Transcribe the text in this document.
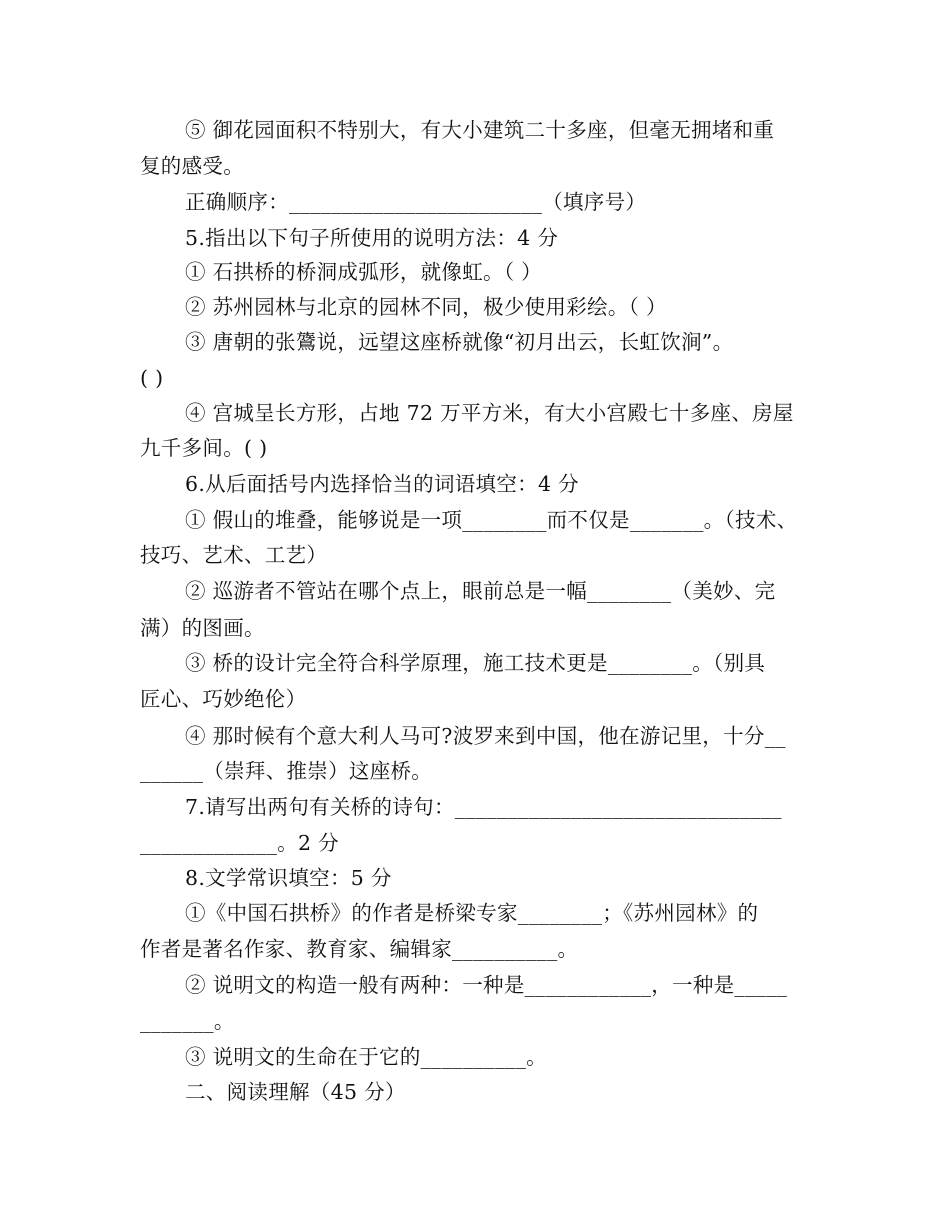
⑤ 御花园面积不特别大，有大小建筑二十多座，但毫无拥堵和重
复的感受。
正确顺序：________________________（填序号）
5.指出以下句子所使用的说明方法：4 分
① 石拱桥的桥洞成弧形，就像虹。（ ）
② 苏州园林与北京的园林不同，极少使用彩绘。（ ）
③ 唐朝的张鷟说，远望这座桥就像“初月出云，长虹饮涧”。
( )
④ 宫城呈长方形，占地 72 万平方米，有大小宫殿七十多座、房屋
九千多间。( )
6.从后面括号内选择恰当的词语填空：4 分
① 假山的堆叠，能够说是一项________而不仅是_______。（技术、
技巧、艺术、工艺）
② 巡游者不管站在哪个点上，眼前总是一幅________（美妙、完
满）的图画。
③ 桥的设计完全符合科学原理，施工技术更是________。（别具
匠心、巧妙绝伦）
④ 那时候有个意大利人马可?波罗来到中国，他在游记里，十分__
______（崇拜、推崇）这座桥。
7.请写出两句有关桥的诗句：_______________________________
_____________。2 分
8.文学常识填空：5 分
①《中国石拱桥》的作者是桥梁专家________；《苏州园林》的
作者是著名作家、教育家、编辑家__________。
② 说明文的构造一般有两种：一种是____________，一种是_____
_______。
③ 说明文的生命在于它的__________。
二、阅读理解（45 分）
